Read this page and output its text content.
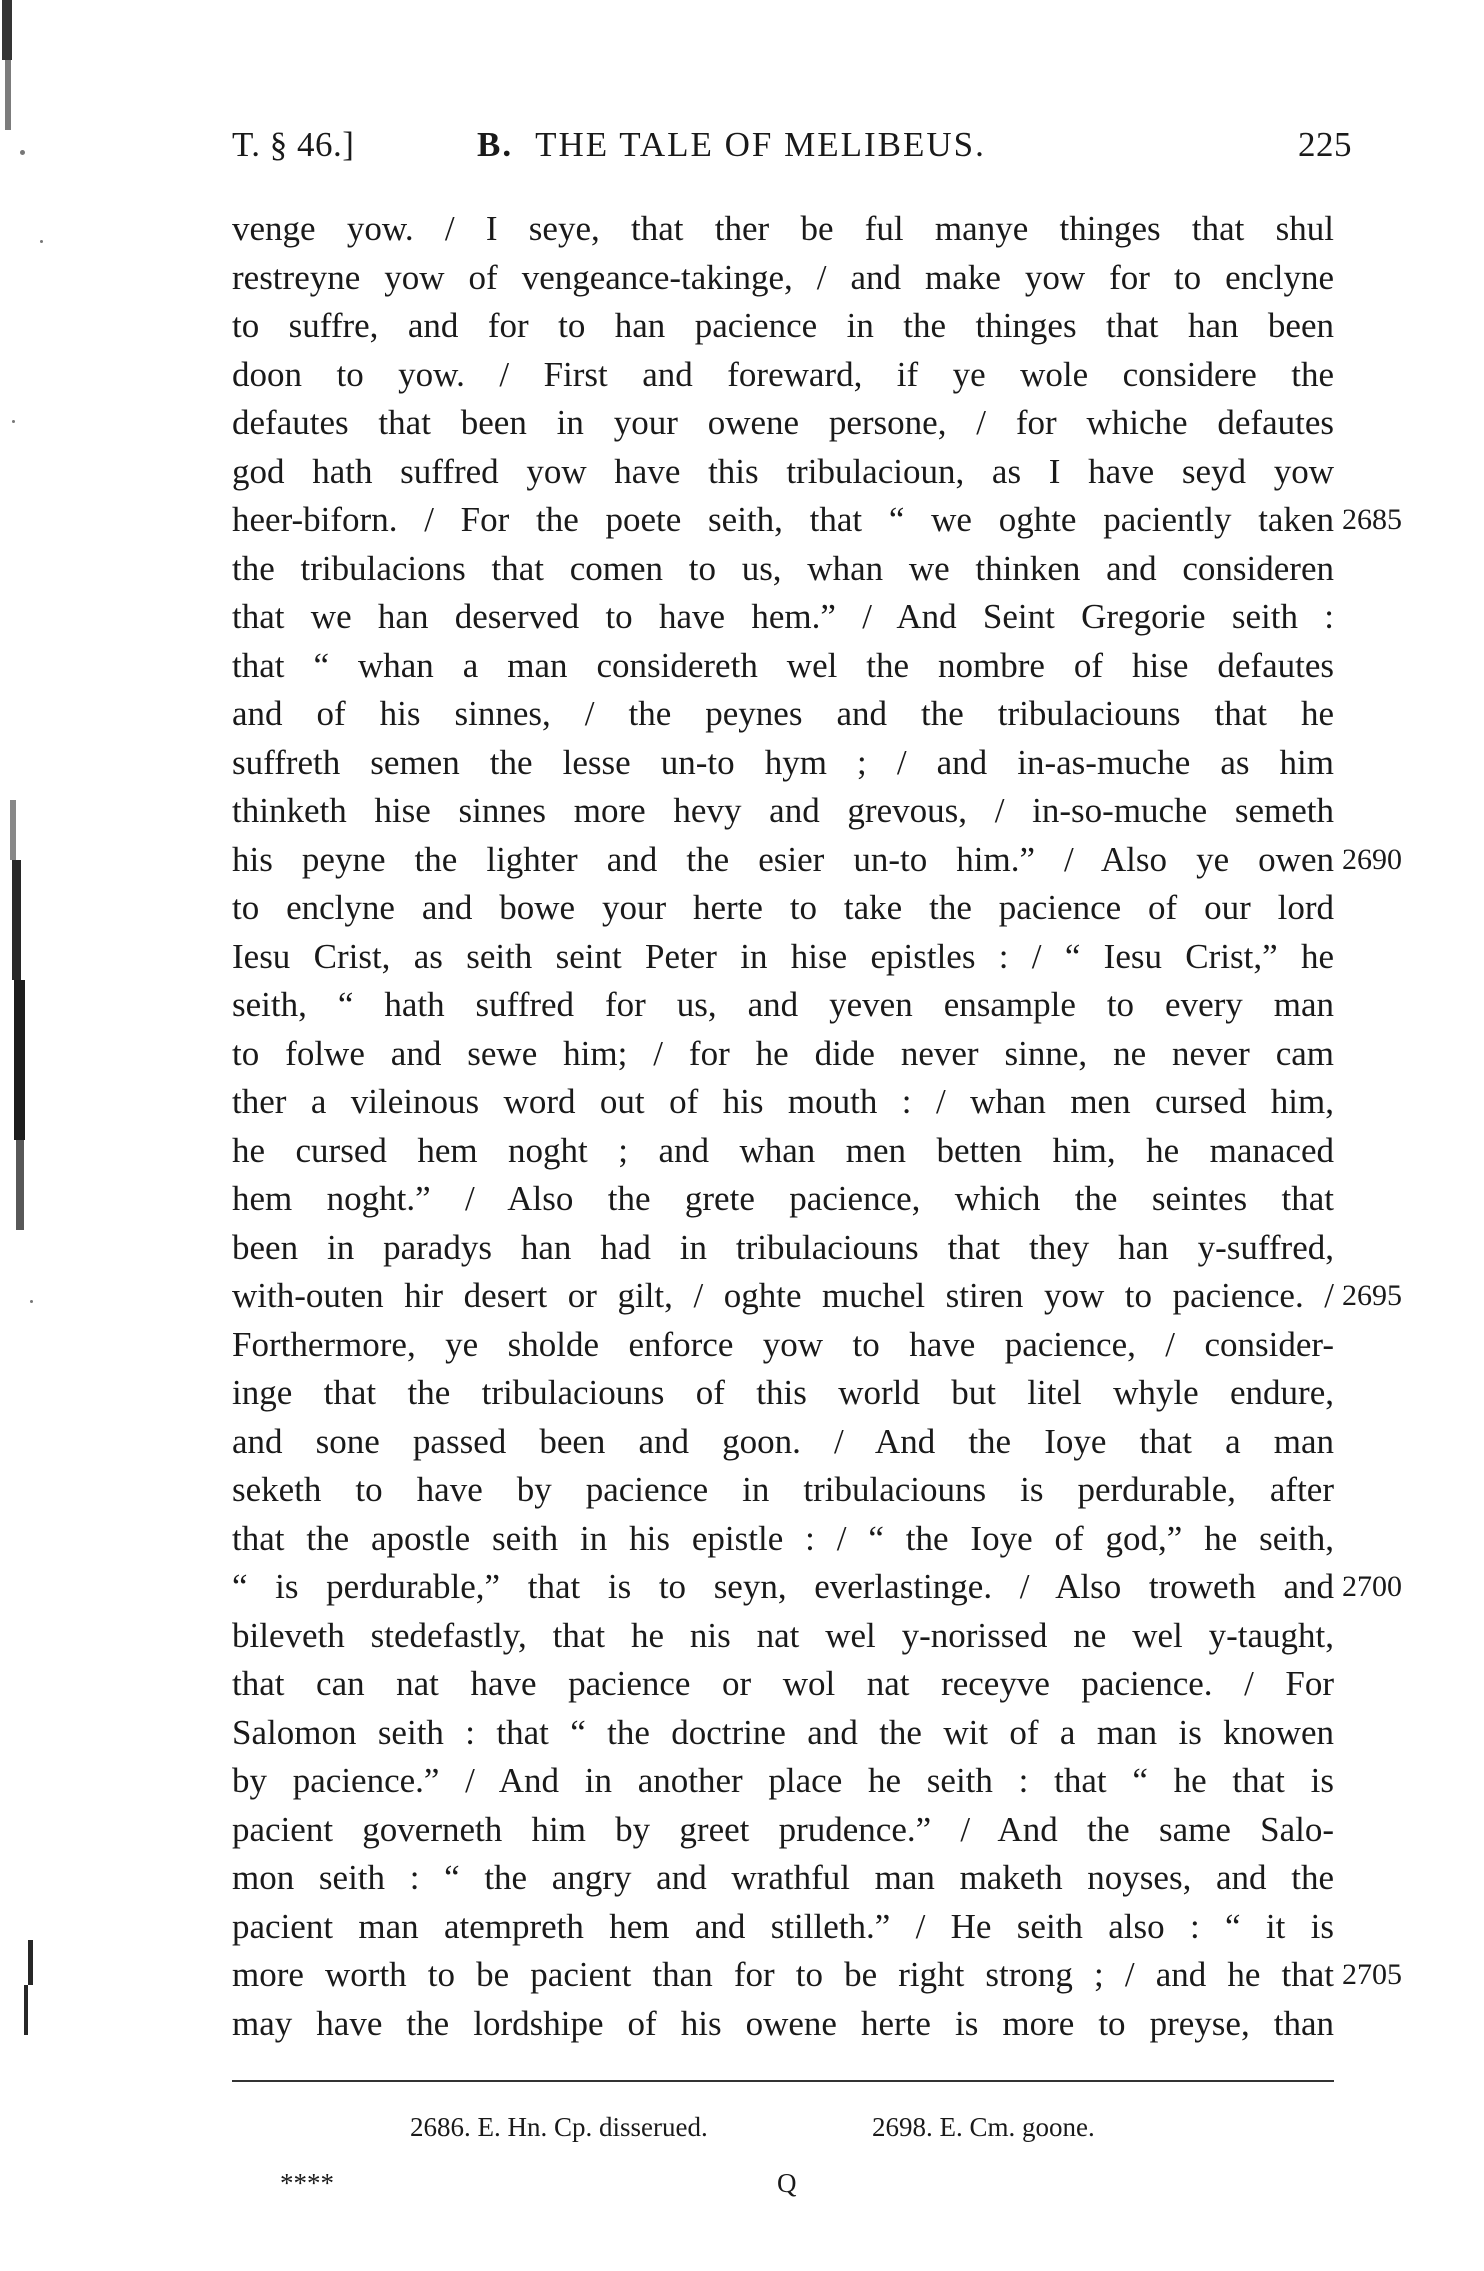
T. § 46.]	B. THE TALE OF MELIBEUS.	225
venge yow. / I seye, that ther be ful manye thinges that shul
restreyne yow of vengeance-takinge, / and make yow for to enclyne
to suffre, and for to han pacience in the thinges that han been
doon to yow. / First and foreward, if ye wole considere the
defautes that been in your owene persone, / for whiche defautes
god hath suffred yow have this tribulacioun, as I have seyd yow
heer-biforn. / For the poete seith, that “ we oghte paciently taken 2685
the tribulacions that comen to us, whan we thinken and consideren
that we han deserved to have hem.” / And Seint Gregorie seith :
that “ whan a man considereth wel the nombre of hise defautes
and of his sinnes, / the peynes and the tribulaciouns that he
suffreth semen the lesse un-to hym ; / and in-as-muche as him
thinketh hise sinnes more hevy and grevous, / in-so-muche semeth
his peyne the lighter and the esier un-to him.” / Also ye owen 2690
to enclyne and bowe your herte to take the pacience of our lord
Iesu Crist, as seith seint Peter in hise epistles : / “ Iesu Crist,” he
seith, “ hath suffred for us, and yeven ensample to every man
to folwe and sewe him; / for he dide never sinne, ne never cam
ther a vileinous word out of his mouth : / whan men cursed him,
he cursed hem noght ; and whan men betten him, he manaced
hem noght.” / Also the grete pacience, which the seintes that
been in paradys han had in tribulaciouns that they han y-suffred,
with-outen hir desert or gilt, / oghte muchel stiren yow to pacience. / 2695
Forthermore, ye sholde enforce yow to have pacience, / consider-
inge that the tribulaciouns of this world but litel whyle endure,
and sone passed been and goon. / And the Ioye that a man
seketh to have by pacience in tribulaciouns is perdurable, after
that the apostle seith in his epistle : / “ the Ioye of god,” he seith,
“ is perdurable,” that is to seyn, everlastinge. / Also troweth and 2700
bileveth stedefastly, that he nis nat wel y-norissed ne wel y-taught,
that can nat have pacience or wol nat receyve pacience. / For
Salomon seith : that “ the doctrine and the wit of a man is knowen
by pacience.” / And in another place he seith : that “ he that is
pacient governeth him by greet prudence.” / And the same Salo-
mon seith : “ the angry and wrathful man maketh noyses, and the
pacient man atempreth hem and stilleth.” / He seith also : “ it is
more worth to be pacient than for to be right strong ; / and he that 2705
may have the lordshipe of his owene herte is more to preyse, than
2686. E. Hn. Cp. disserued.	2698. E. Cm. goone.
****	Q
